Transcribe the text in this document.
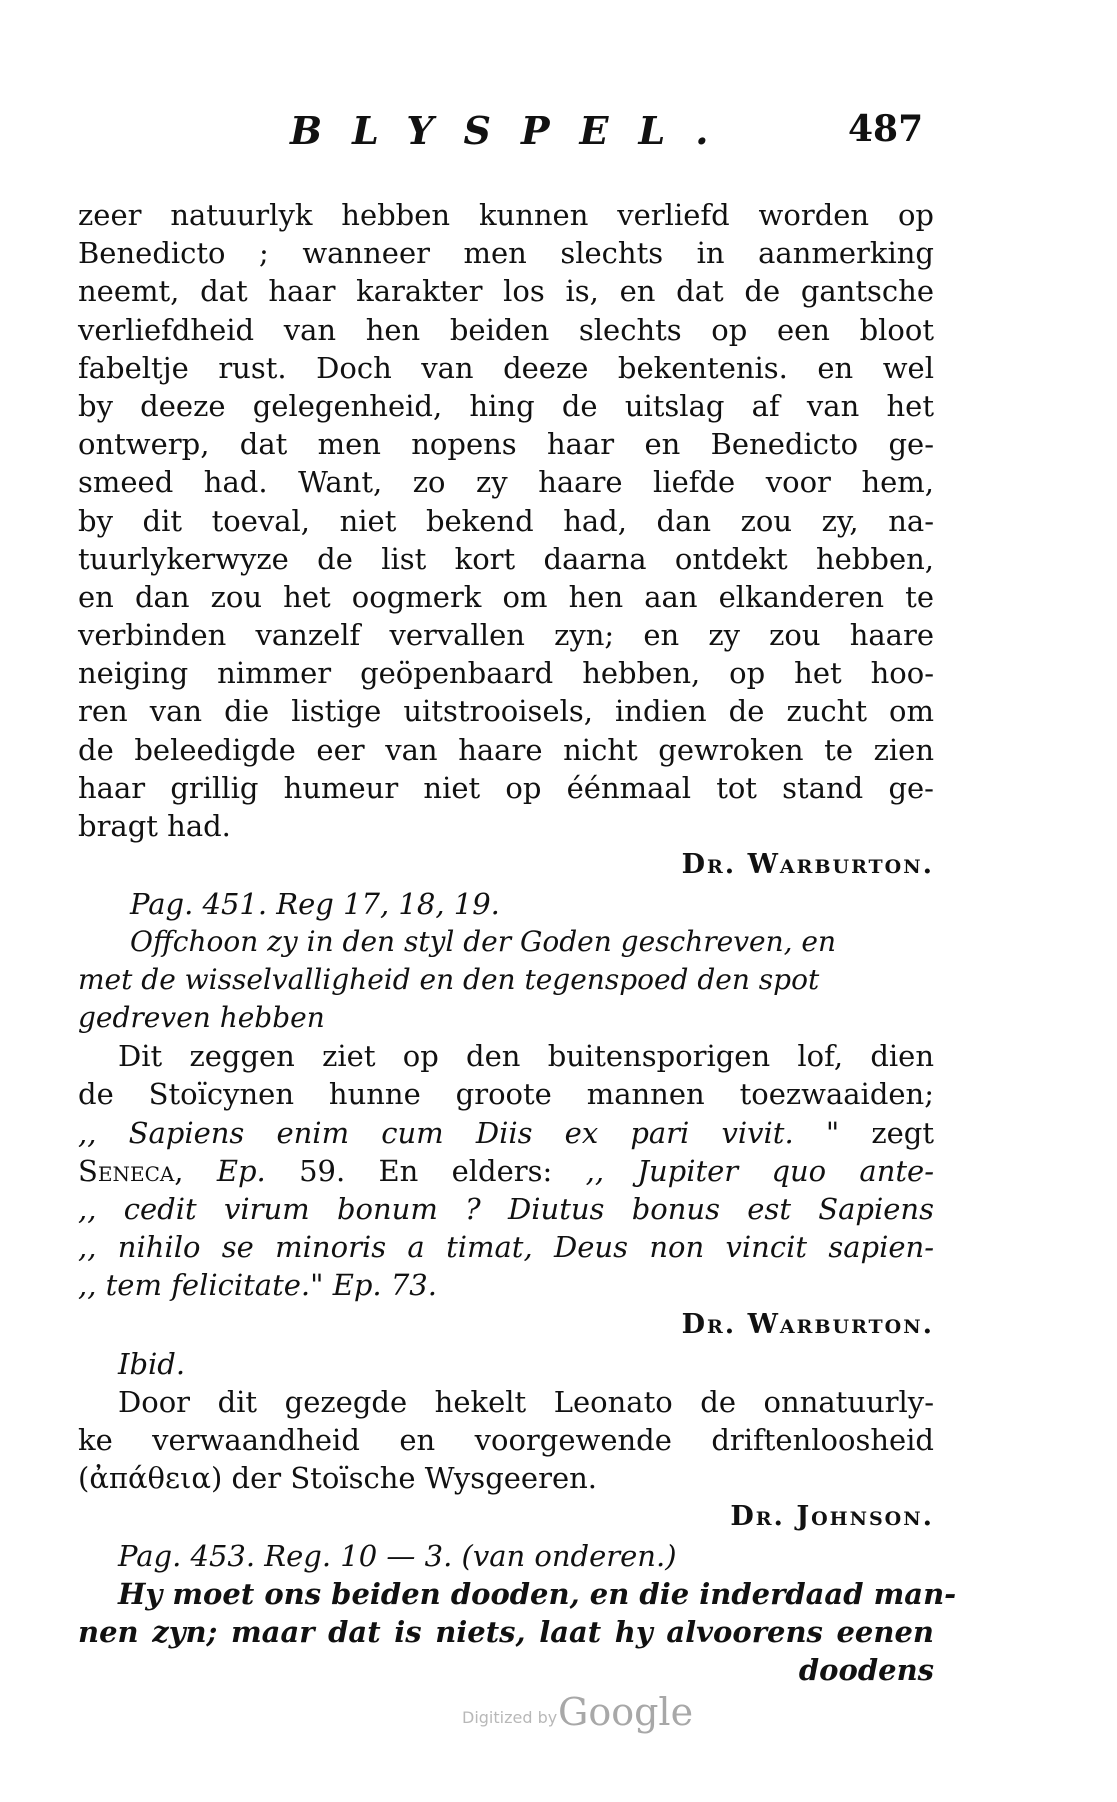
BLYSPEL.	487
zeer natuurlyk hebben kunnen verliefd worden op
Benedicto ; wanneer men slechts in aanmerking
neemt, dat haar karakter los is, en dat de gantsche
verliefdheid van hen beiden slechts op een bloot
fabeltje rust. Doch van deeze bekentenis. en wel
by deeze gelegenheid, hing de uitslag af van het
ontwerp, dat men nopens haar en Benedicto ge-
smeed had. Want, zo zy haare liefde voor hem,
by dit toeval, niet bekend had, dan zou zy, na-
tuurlykerwyze de list kort daarna ontdekt hebben,
en dan zou het oogmerk om hen aan elkanderen te
verbinden vanzelf vervallen zyn; en zy zou haare
neiging nimmer geöpenbaard hebben, op het hoo-
ren van die listige uitstrooisels, indien de zucht om
de beleedigde eer van haare nicht gewroken te zien
haar grillig humeur niet op éénmaal tot stand ge-
bragt had.
Dr. Warburton.
Pag. 451. Reg 17, 18, 19.
Offchoon zy in den styl der Goden geschreven, en
met de wisselvalligheid en den tegenspoed den spot
gedreven hebben
Dit zeggen ziet op den buitensporigen lof, dien
de Stoïcynen hunne groote mannen toezwaaiden;
,, Sapiens enim cum Diis ex pari vivit. " zegt
Seneca, Ep. 59. En elders: ,, Jupiter quo ante-
,, cedit virum bonum ? Diutus bonus est Sapiens
,, nihilo se minoris a timat, Deus non vincit sapien-
,, tem felicitate." Ep. 73.
Dr. Warburton.
Ibid.
Door dit gezegde hekelt Leonato de onnatuurly-
ke verwaandheid en voorgewende driftenloosheid
(ἀπάθεια) der Stoïsche Wysgeeren.
Dr. Johnson.
Pag. 453. Reg. 10 — 3. (van onderen.)
Hy moet ons beiden dooden, en die inderdaad man-
nen zyn; maar dat is niets, laat hy alvoorens eenen
doodens
Digitized by Google
